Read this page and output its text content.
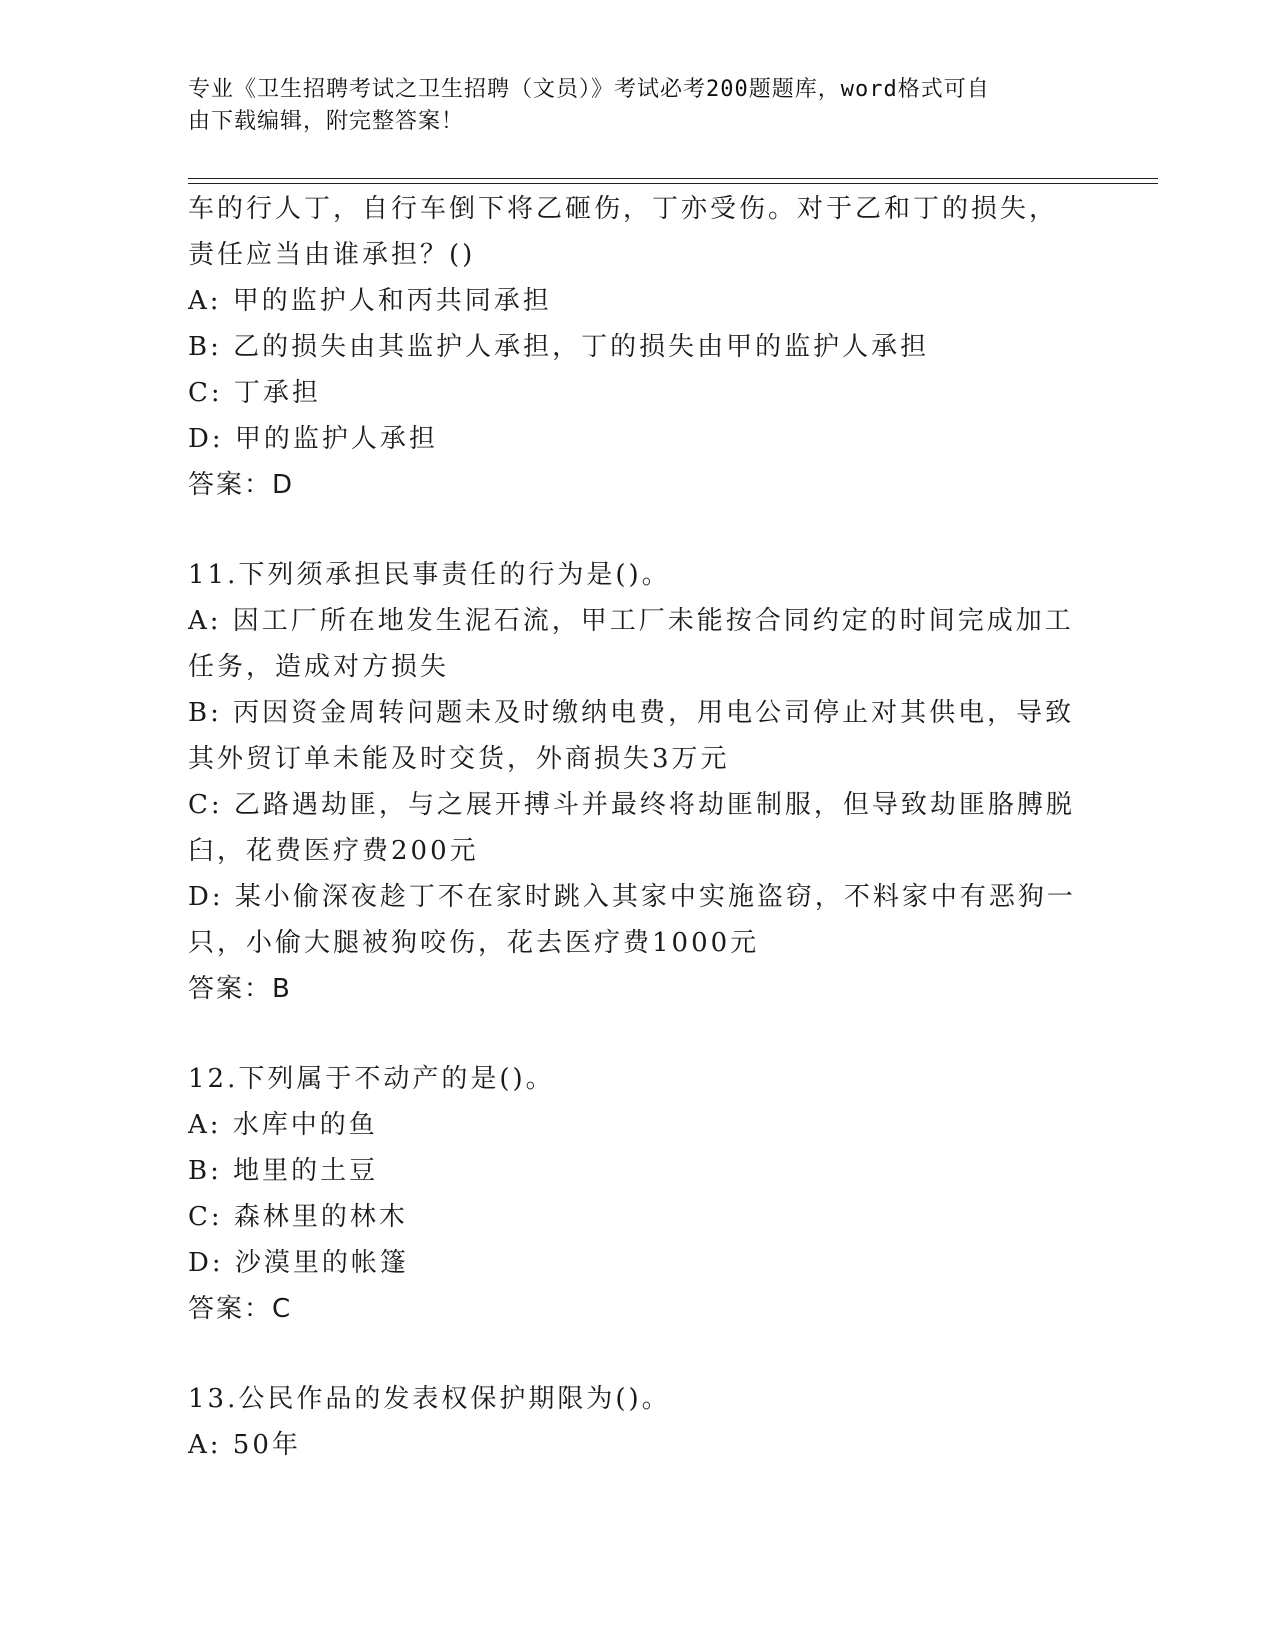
专业《卫生招聘考试之卫生招聘（文员）》考试必考200题题库，word格式可自
由下载编辑，附完整答案！
车的行人丁，自行车倒下将乙砸伤，丁亦受伤。对于乙和丁的损失，
责任应当由谁承担？()
A: 甲的监护人和丙共同承担
B: 乙的损失由其监护人承担，丁的损失由甲的监护人承担
C: 丁承担
D: 甲的监护人承担
答案：D
11.下列须承担民事责任的行为是()。
A: 因工厂所在地发生泥石流，甲工厂未能按合同约定的时间完成加工
任务，造成对方损失
B: 丙因资金周转问题未及时缴纳电费，用电公司停止对其供电，导致
其外贸订单未能及时交货，外商损失3万元
C: 乙路遇劫匪，与之展开搏斗并最终将劫匪制服，但导致劫匪胳膊脱
臼，花费医疗费200元
D: 某小偷深夜趁丁不在家时跳入其家中实施盗窃，不料家中有恶狗一
只，小偷大腿被狗咬伤，花去医疗费1000元
答案：B
12.下列属于不动产的是()。
A: 水库中的鱼
B: 地里的土豆
C: 森林里的林木
D: 沙漠里的帐篷
答案：C
13.公民作品的发表权保护期限为()。
A: 50年
